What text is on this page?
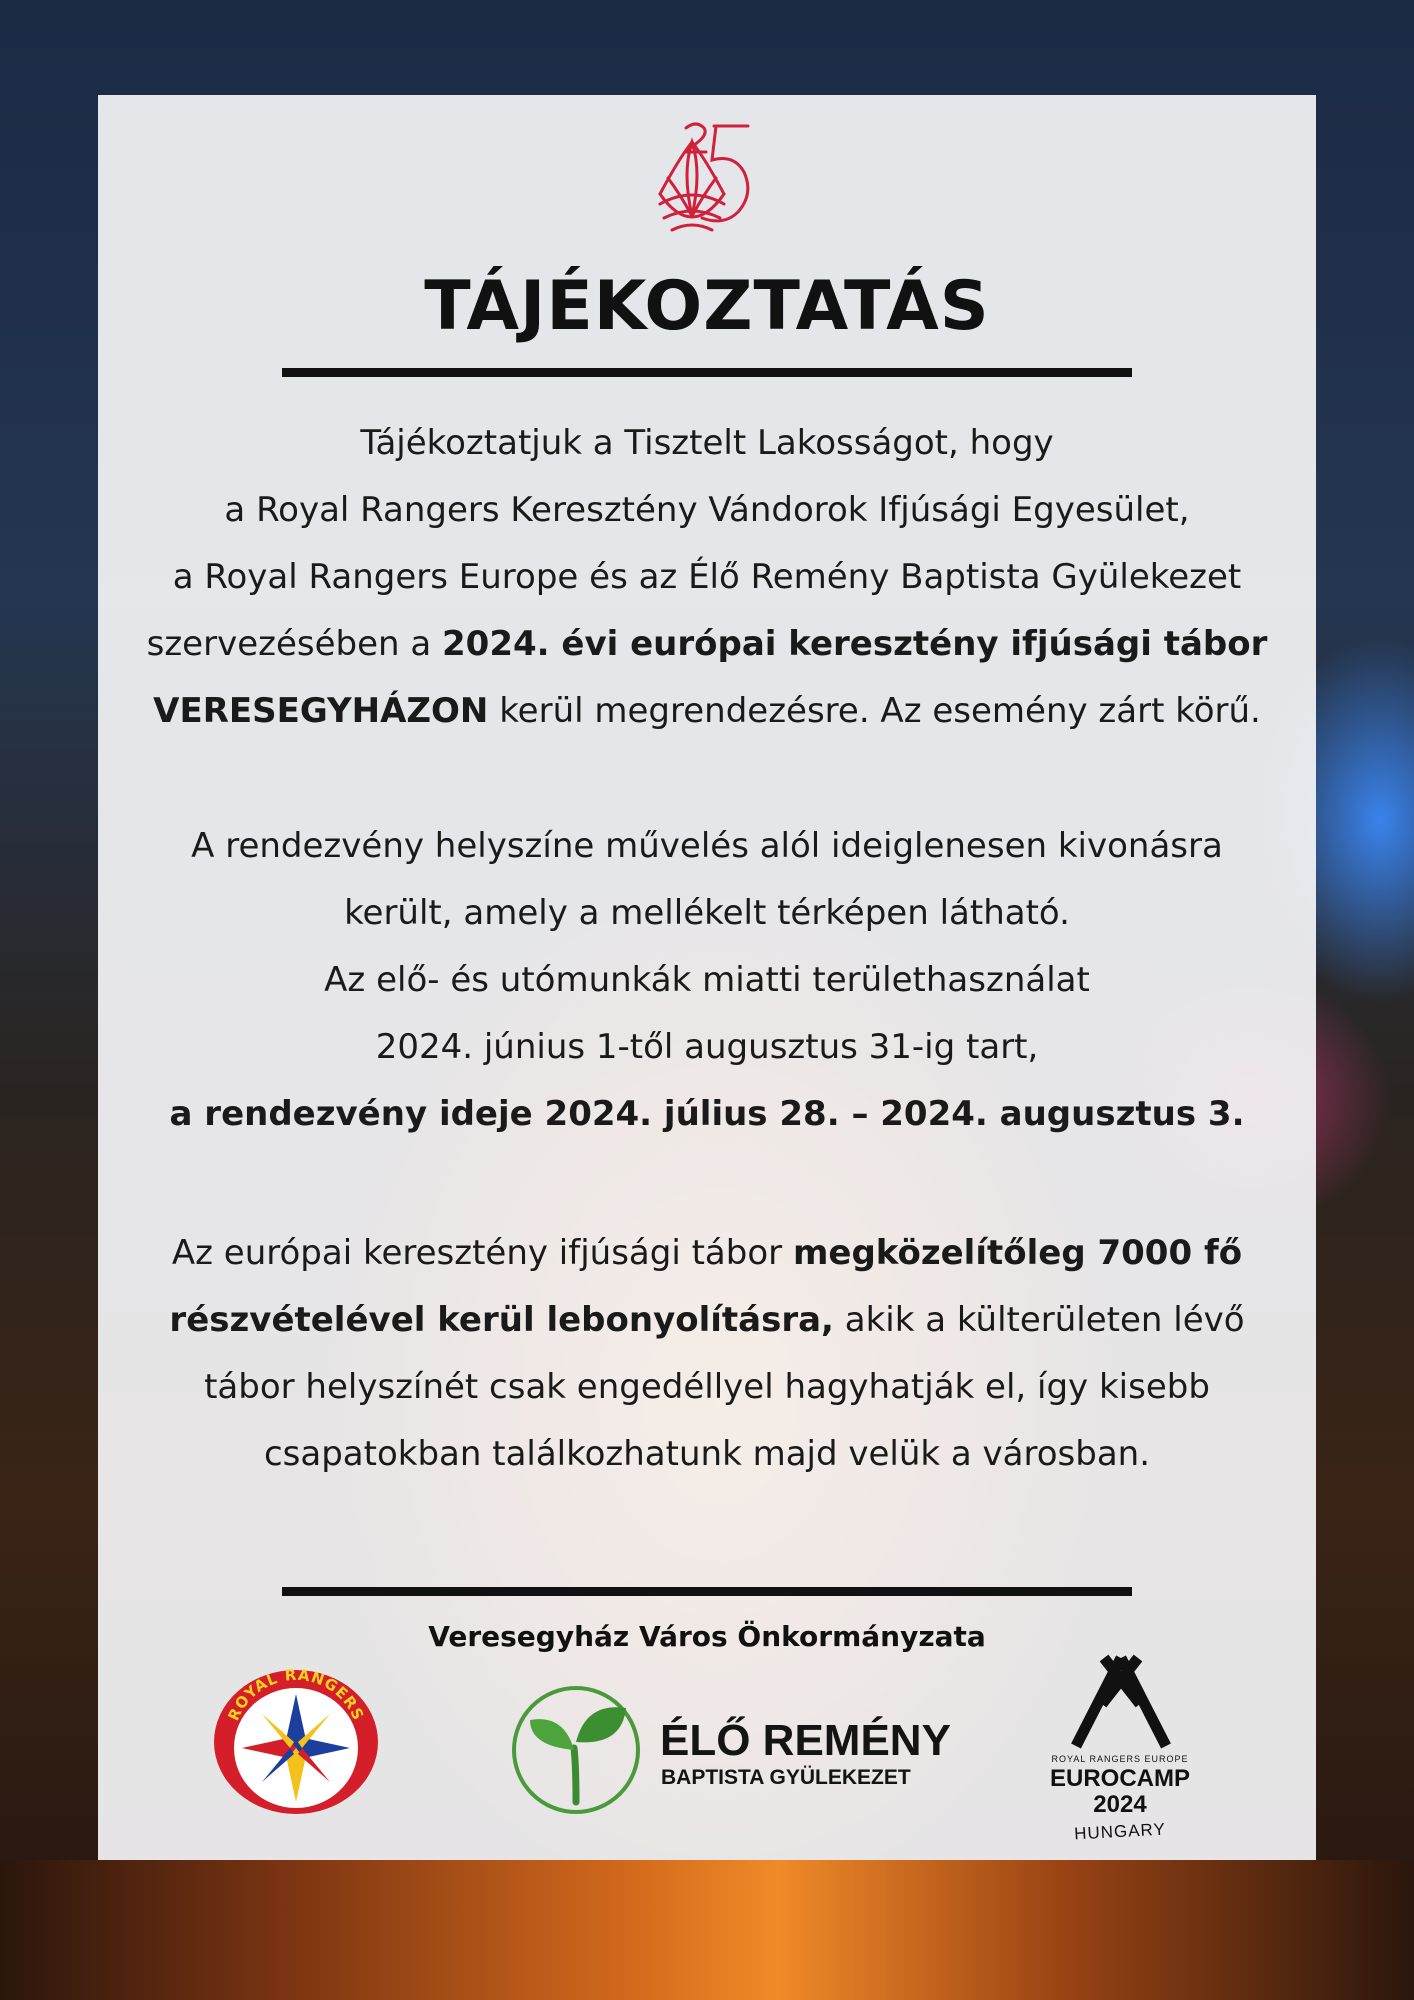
TÁJÉKOZTATÁS
Tájékoztatjuk a Tisztelt Lakosságot, hogy
a Royal Rangers Keresztény Vándorok Ifjúsági Egyesület,
a Royal Rangers Europe és az Élő Remény Baptista Gyülekezet
szervezésében a 2024. évi európai keresztény ifjúsági tábor
VERESEGYHÁZON kerül megrendezésre. Az esemény zárt körű.
A rendezvény helyszíne művelés alól ideiglenesen kivonásra
került, amely a mellékelt térképen látható.
Az elő- és utómunkák miatti területhasználat
2024. június 1-től augusztus 31-ig tart,
a rendezvény ideje 2024. július 28. – 2024. augusztus 3.
Az európai keresztény ifjúsági tábor megközelítőleg 7000 fő
részvételével kerül lebonyolításra, akik a külterületen lévő
tábor helyszínét csak engedéllyel hagyhatják el, így kisebb
csapatokban találkozhatunk majd velük a városban.
Veresegyház Város Önkormányzata
ROYAL RANGERS
ÉLŐ REMÉNY
BAPTISTA GYÜLEKEZET
ROYAL RANGERS EUROPE
EUROCAMP
2024
HUNGARY
